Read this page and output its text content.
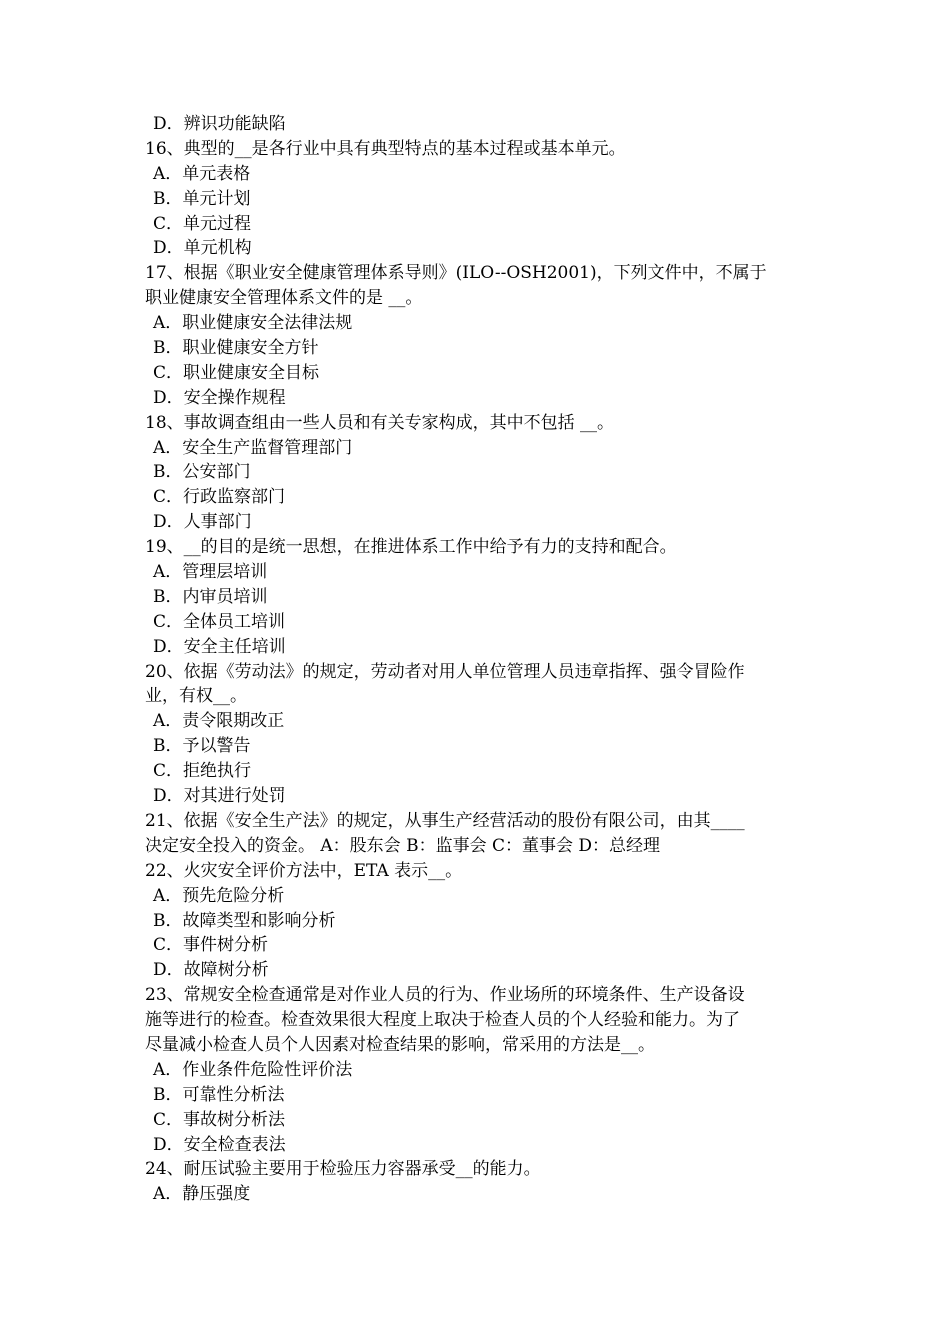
D．辨识功能缺陷
16、典型的__是各行业中具有典型特点的基本过程或基本单元。
A．单元表格
B．单元计划
C．单元过程
D．单元机构
17、根据《职业安全健康管理体系导则》(ILO--OSH2001)，下列文件中，不属于
职业健康安全管理体系文件的是 __。
A．职业健康安全法律法规
B．职业健康安全方针
C．职业健康安全目标
D．安全操作规程
18、事故调查组由一些人员和有关专家构成，其中不包括 __。
A．安全生产监督管理部门
B．公安部门
C．行政监察部门
D．人事部门
19、__的目的是统一思想，在推进体系工作中给予有力的支持和配合。
A．管理层培训
B．内审员培训
C．全体员工培训
D．安全主任培训
20、依据《劳动法》的规定，劳动者对用人单位管理人员违章指挥、强令冒险作
业，有权__。
A．责令限期改正
B．予以警告
C．拒绝执行
D．对其进行处罚
21、依据《安全生产法》的规定，从事生产经营活动的股份有限公司，由其____
决定安全投入的资金。 A：股东会 B：监事会 C：董事会 D：总经理
22、火灾安全评价方法中，ETA 表示__。
A．预先危险分析
B．故障类型和影响分析
C．事件树分析
D．故障树分析
23、常规安全检查通常是对作业人员的行为、作业场所的环境条件、生产设备设
施等进行的检查。检查效果很大程度上取决于检查人员的个人经验和能力。为了
尽量减小检查人员个人因素对检查结果的影响，常采用的方法是__。
A．作业条件危险性评价法
B．可靠性分析法
C．事故树分析法
D．安全检查表法
24、耐压试验主要用于检验压力容器承受__的能力。
A．静压强度
